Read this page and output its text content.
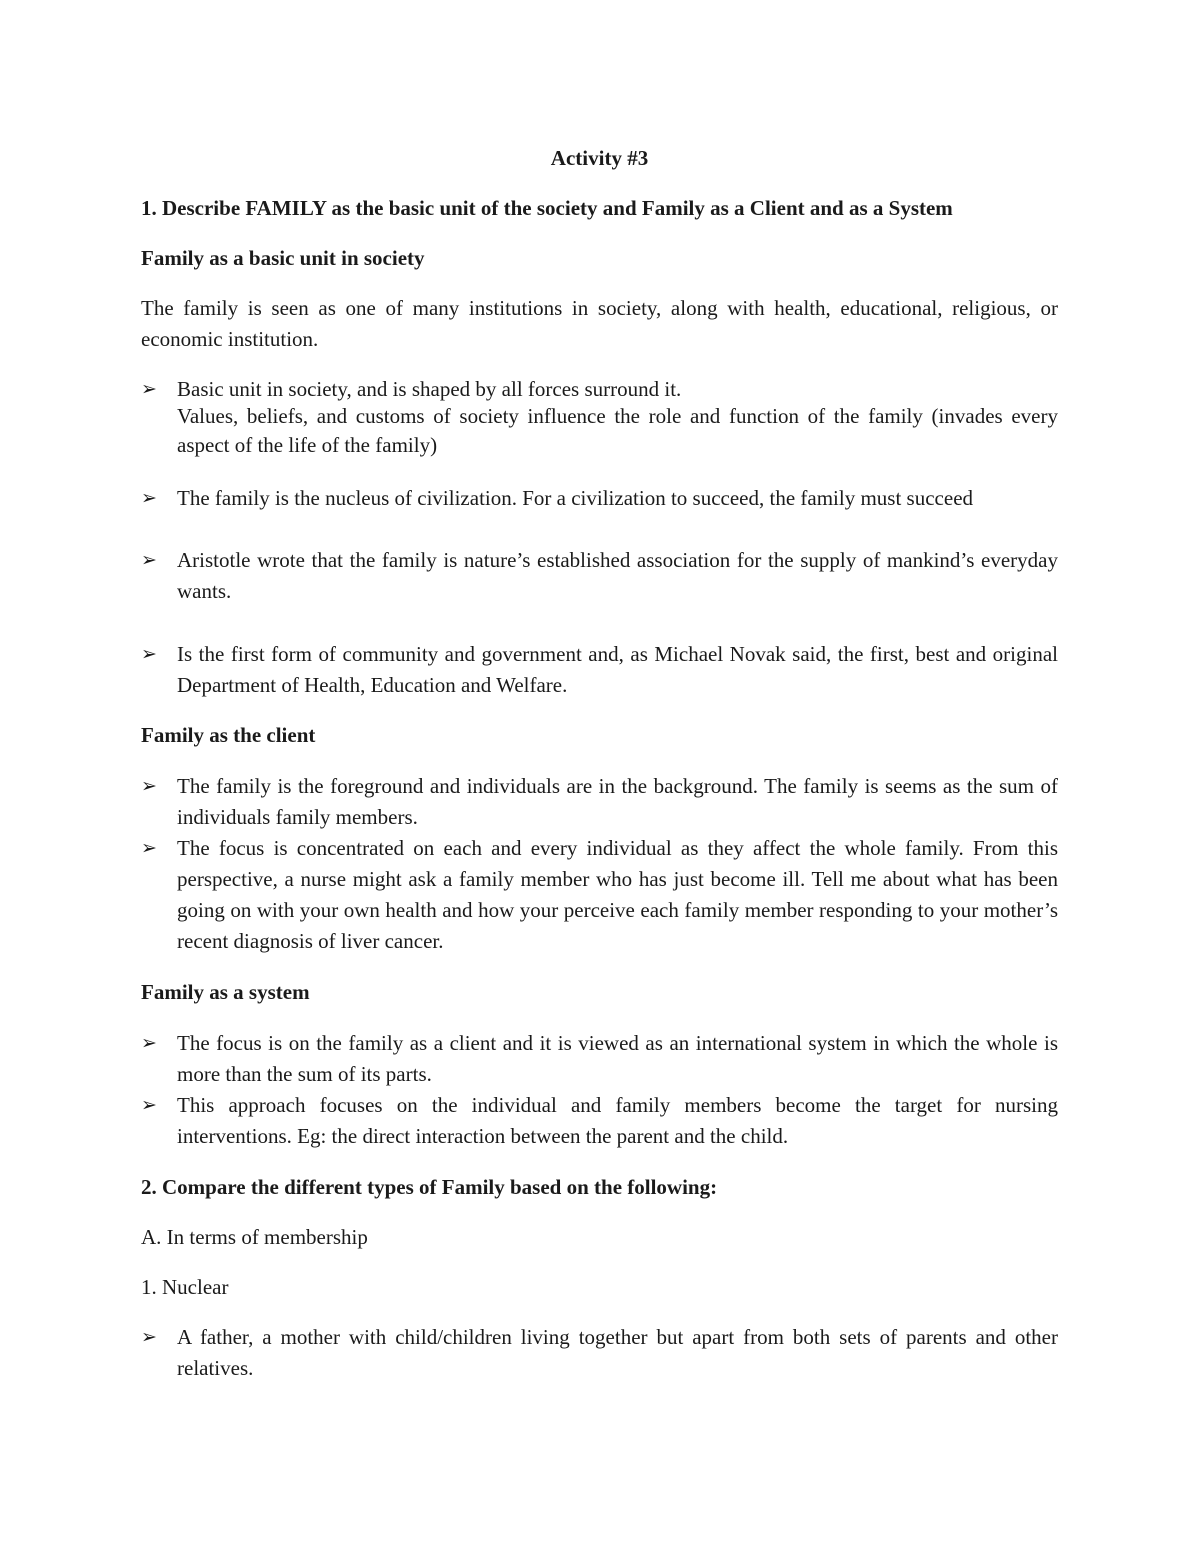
Activity #3

1. Describe FAMILY as the basic unit of the society and Family as a Client and as a System

Family as a basic unit in society

The family is seen as one of many institutions in society, along with health, educational, religious, or economic institution.

➢ Basic unit in society, and is shaped by all forces surround it.
Values, beliefs, and customs of society influence the role and function of the family (invades every aspect of the life of the family)
➢ The family is the nucleus of civilization. For a civilization to succeed, the family must succeed
➢ Aristotle wrote that the family is nature’s established association for the supply of mankind’s everyday wants.
➢ Is the first form of community and government and, as Michael Novak said, the first, best and original Department of Health, Education and Welfare.

Family as the client

➢ The family is the foreground and individuals are in the background. The family is seems as the sum of individuals family members.
➢ The focus is concentrated on each and every individual as they affect the whole family. From this perspective, a nurse might ask a family member who has just become ill. Tell me about what has been going on with your own health and how your perceive each family member responding to your mother’s recent diagnosis of liver cancer.

Family as a system

➢ The focus is on the family as a client and it is viewed as an international system in which the whole is more than the sum of its parts.
➢ This approach focuses on the individual and family members become the target for nursing interventions. Eg: the direct interaction between the parent and the child.

2. Compare the different types of Family based on the following:

A. In terms of membership

1. Nuclear

➢ A father, a mother with child/children living together but apart from both sets of parents and other relatives.
